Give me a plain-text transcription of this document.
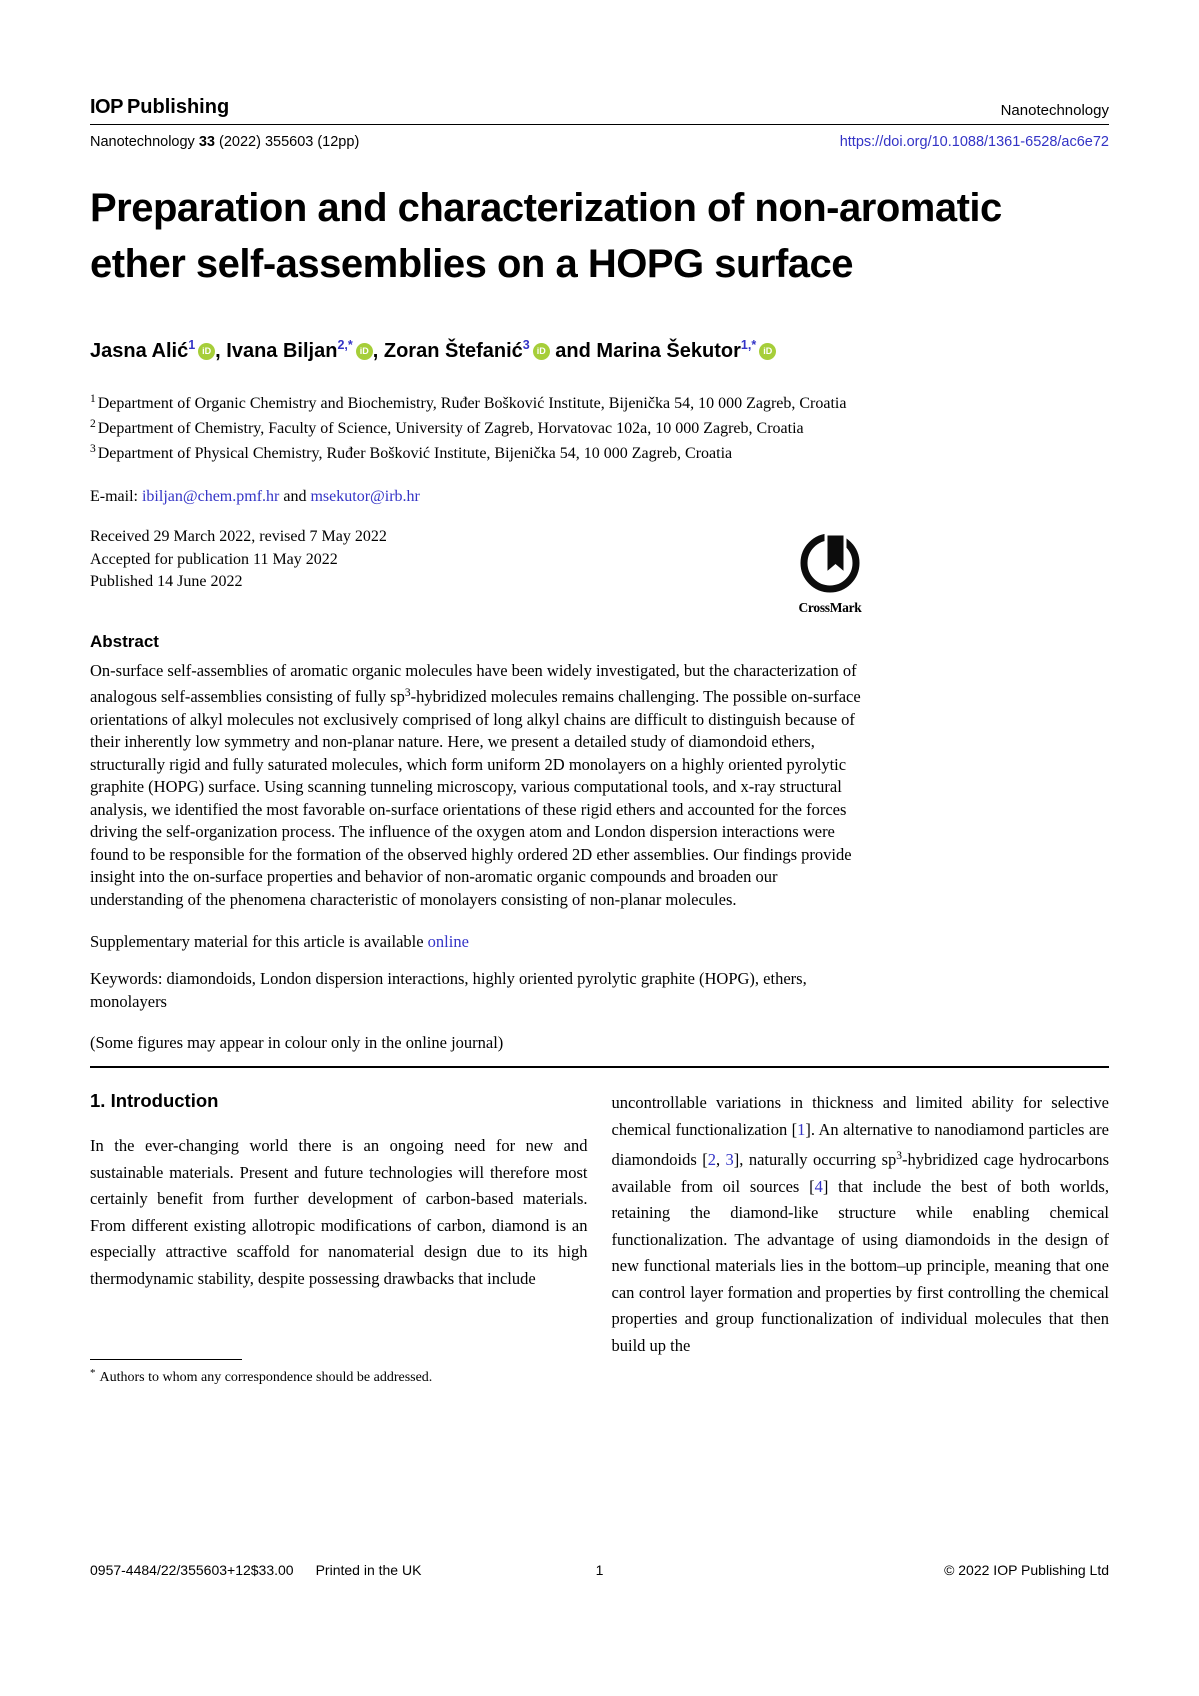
IOP Publishing	Nanotechnology
Nanotechnology 33 (2022) 355603 (12pp)	https://doi.org/10.1088/1361-6528/ac6e72
Preparation and characterization of non-aromatic ether self-assemblies on a HOPG surface
Jasna Alić$^1$ iD , Ivana Biljan$^{2,*}$ iD , Zoran Štefanić$^3$ iD and Marina Šekutor$^{1,*}$ iD
$^1$ Department of Organic Chemistry and Biochemistry, Ruđer Bošković Institute, Bijenička 54, 10 000 Zagreb, Croatia
$^2$ Department of Chemistry, Faculty of Science, University of Zagreb, Horvatovac 102a, 10 000 Zagreb, Croatia
$^3$ Department of Physical Chemistry, Ruđer Bošković Institute, Bijenička 54, 10 000 Zagreb, Croatia
E-mail: ibiljan@chem.pmf.hr and msekutor@irb.hr
Received 29 March 2022, revised 7 May 2022
Accepted for publication 11 May 2022
Published 14 June 2022
CrossMark
Abstract

On-surface self-assemblies of aromatic organic molecules have been widely investigated, but the characterization of analogous self-assemblies consisting of fully $sp^3$-hybridized molecules remains challenging. The possible on-surface orientations of alkyl molecules not exclusively comprised of long alkyl chains are difficult to distinguish because of their inherently low symmetry and non-planar nature. Here, we present a detailed study of diamondoid ethers, structurally rigid and fully saturated molecules, which form uniform 2D monolayers on a highly oriented pyrolytic graphite (HOPG) surface. Using scanning tunneling microscopy, various computational tools, and x-ray structural analysis, we identified the most favorable on-surface orientations of these rigid ethers and accounted for the forces driving the self-organization process. The influence of the oxygen atom and London dispersion interactions were found to be responsible for the formation of the observed highly ordered 2D ether assemblies. Our findings provide insight into the on-surface properties and behavior of non-aromatic organic compounds and broaden our understanding of the phenomena characteristic of monolayers consisting of non-planar molecules.

Supplementary material for this article is available online

Keywords: diamondoids, London dispersion interactions, highly oriented pyrolytic graphite (HOPG), ethers, monolayers

(Some figures may appear in colour only in the online journal)

1. Introduction

In the ever-changing world there is an ongoing need for new and sustainable materials. Present and future technologies will therefore most certainly benefit from further development of carbon-based materials. From different existing allotropic modifications of carbon, diamond is an especially attractive scaffold for nanomaterial design due to its high thermodynamic stability, despite possessing drawbacks that include

* Authors to whom any correspondence should be addressed.

uncontrollable variations in thickness and limited ability for selective chemical functionalization [1]. An alternative to nanodiamond particles are diamondoids [2, 3], naturally occurring $sp^3$-hybridized cage hydrocarbons available from oil sources [4] that include the best of both worlds, retaining the diamond-like structure while enabling chemical functionalization. The advantage of using diamondoids in the design of new functional materials lies in the bottom–up principle, meaning that one can control layer formation and properties by first controlling the chemical properties and group functionalization of individual molecules that then build up the

0957-4484/22/355603+12$33.00 Printed in the UK	1	© 2022 IOP Publishing Ltd
